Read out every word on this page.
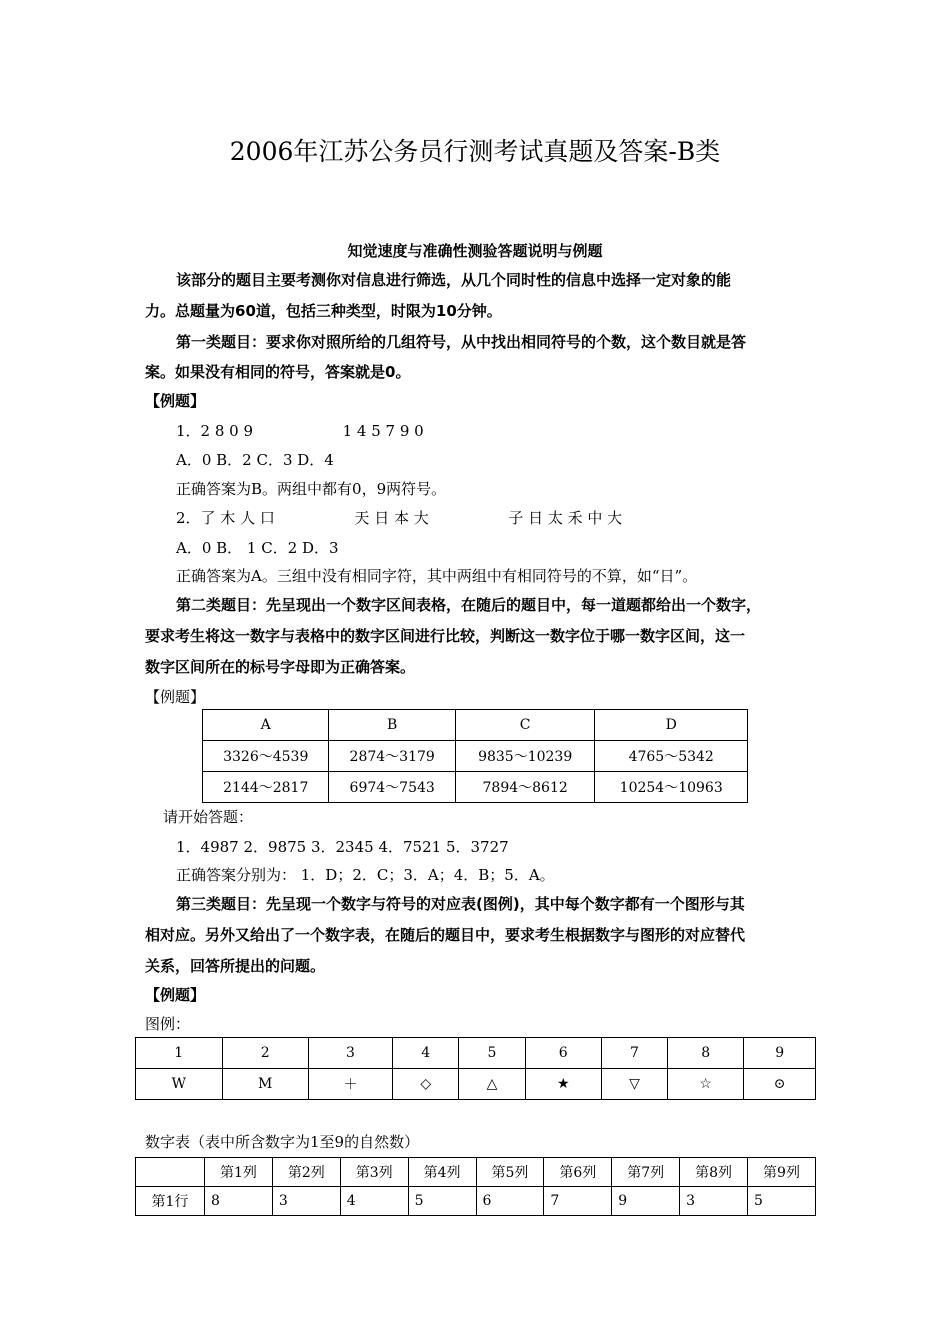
2006年江苏公务员行测考试真题及答案-B类
知觉速度与准确性测验答题说明与例题
该部分的题目主要考测你对信息进行筛选，从几个同时性的信息中选择一定对象的能
力。总题量为60道，包括三种类型，时限为10分钟。
第一类题目：要求你对照所给的几组符号，从中找出相同符号的个数，这个数目就是答
案。如果没有相同的符号，答案就是0。
【例题】
1．2 8 0 9	1 4 5 7 9 0
A．0 B．2 C．3 D．4
正确答案为B。两组中都有0，9两符号。
2．了 木 人 口	天 日 本 大	子 日 太 禾 中 大
A．0 B． 1 C．2 D．3
正确答案为A。三组中没有相同字符，其中两组中有相同符号的不算，如“日”。
第二类题目：先呈现出一个数字区间表格，在随后的题目中，每一道题都给出一个数字，
要求考生将这一数字与表格中的数字区间进行比较，判断这一数字位于哪一数字区间，这一
数字区间所在的标号字母即为正确答案。
【例题】
A	B	C	D
3326～4539	2874～3179	9835～10239	4765～5342
2144～2817	6974～7543	7894～8612	10254～10963
请开始答题：
1．4987 2．9875 3．2345 4．7521 5．3727
正确答案分别为： 1．D；2．C；3．A；4．B；5．A。
第三类题目：先呈现一个数字与符号的对应表(图例)，其中每个数字都有一个图形与其
相对应。另外又给出了一个数字表，在随后的题目中，要求考生根据数字与图形的对应替代
关系，回答所提出的问题。
【例题】
图例：
1	2	3	4	5	6	7	8	9
W	M	＋	◇	△	★	▽	☆	⊙
数字表（表中所含数字为1至9的自然数）
	第1列	第2列	第3列	第4列	第5列	第6列	第7列	第8列	第9列
第1行	8	3	4	5	6	7	9	3	5
